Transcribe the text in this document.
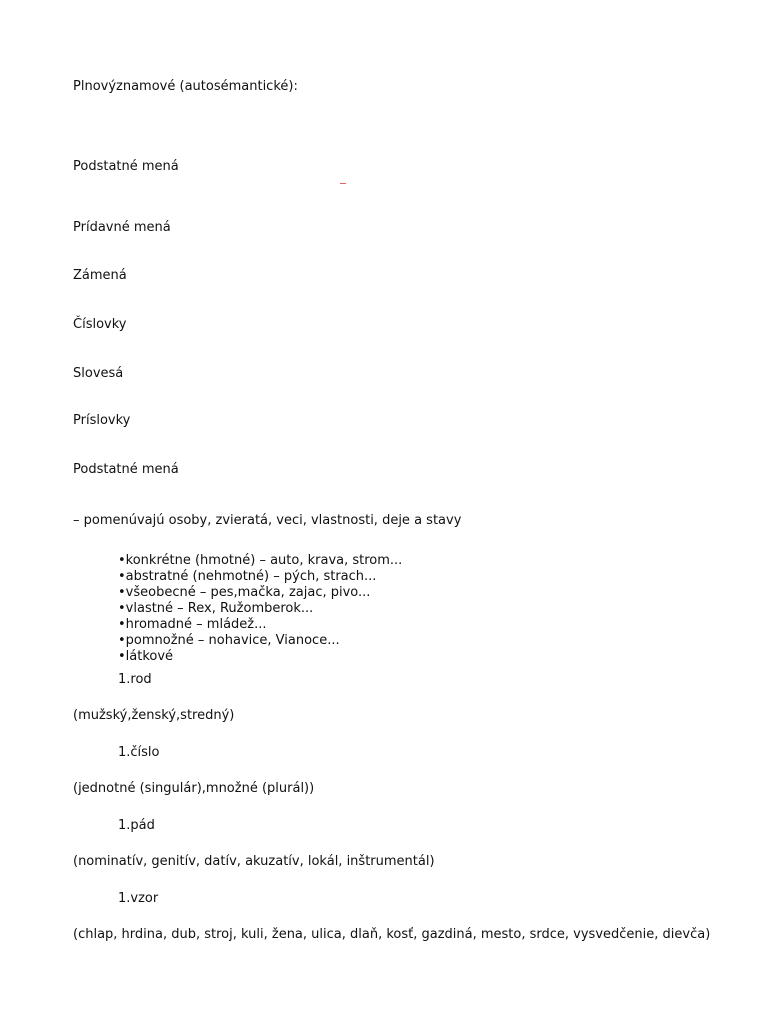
Plnovýznamové (autosémantické):
Podstatné mená
Prídavné mená
Zámená
Číslovky
Slovesá
Príslovky
Podstatné mená
– pomenúvajú osoby, zvieratá, veci, vlastnosti, deje a stavy
•konkrétne (hmotné) – auto, krava, strom...
•abstratné (nehmotné) – pých, strach...
•všeobecné – pes,mačka, zajac, pivo...
•vlastné – Rex, Ružomberok...
•hromadné – mládež...
•pomnožné – nohavice, Vianoce...
•látkové
1.rod
(mužský,ženský,stredný)
1.číslo
(jednotné (singulár),množné (plurál))
1.pád
(nominatív, genitív, datív, akuzatív, lokál, inštrumentál)
1.vzor
(chlap, hrdina, dub, stroj, kuli, žena, ulica, dlaň, kosť, gazdiná, mesto, srdce, vysvedčenie, dievča)
